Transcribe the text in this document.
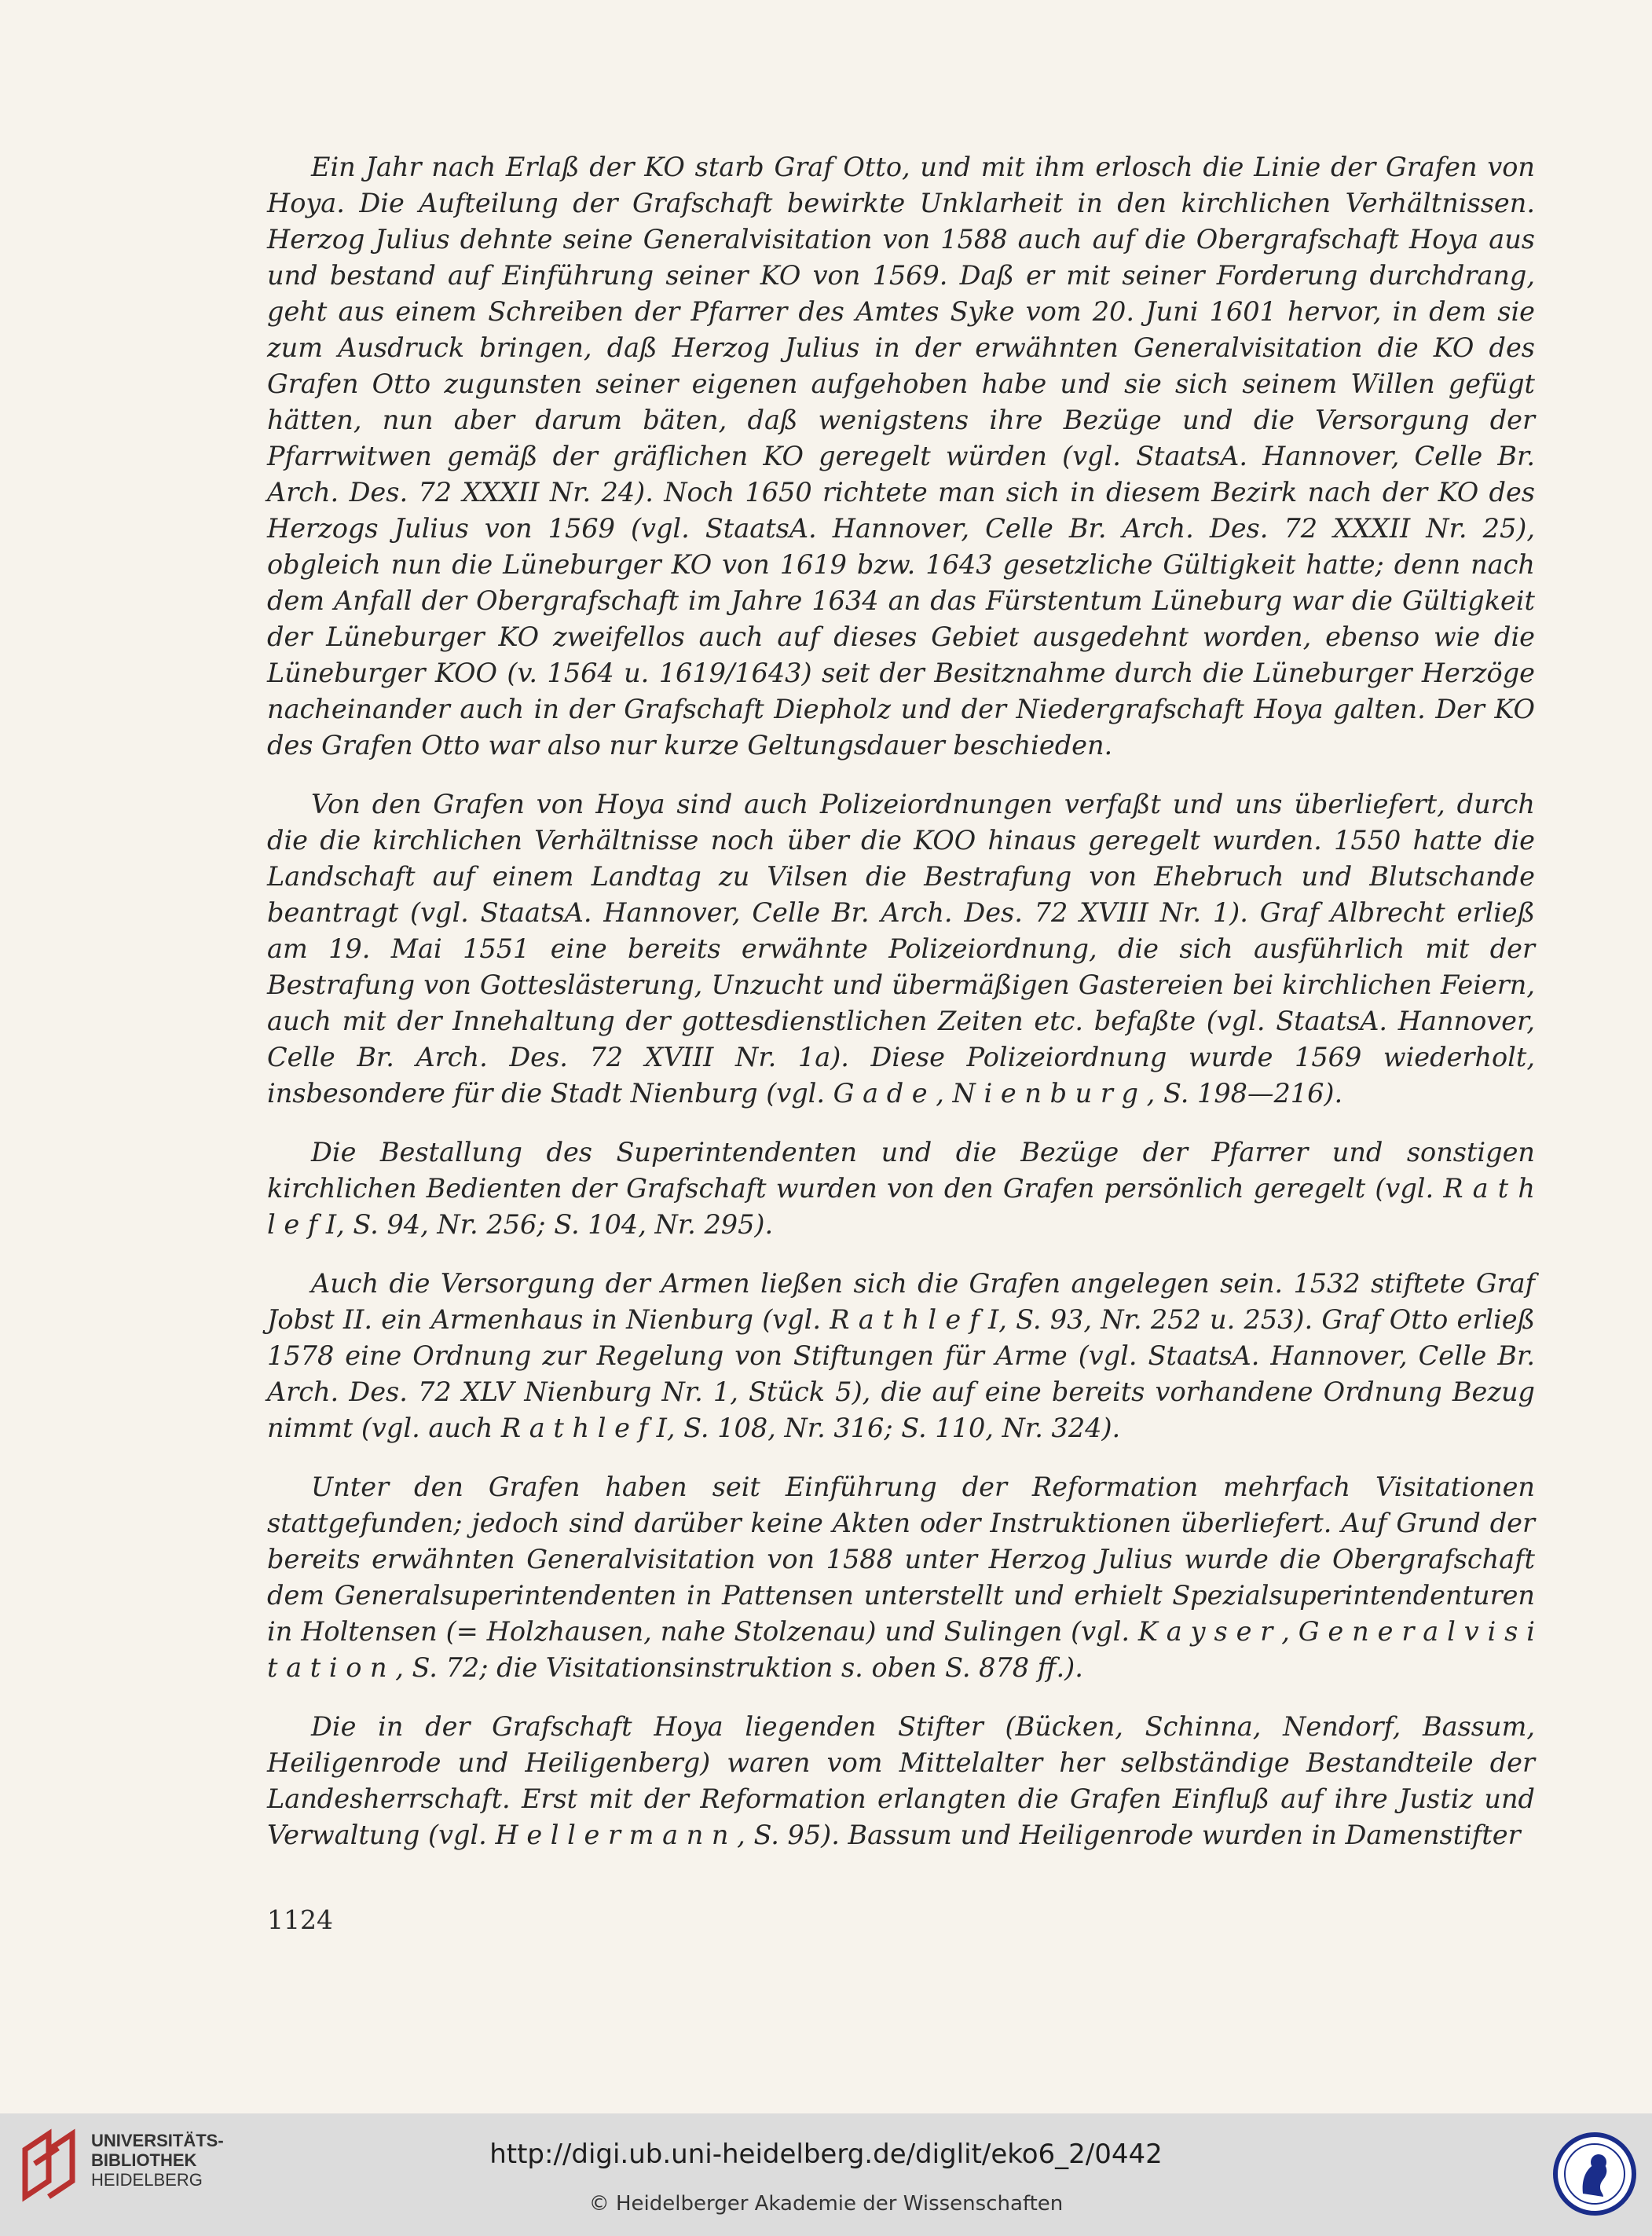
Ein Jahr nach Erlaß der KO starb Graf Otto, und mit ihm erlosch die Linie der Grafen von Hoya. Die Aufteilung der Grafschaft bewirkte Unklarheit in den kirchlichen Verhältnissen. Herzog Julius dehnte seine Generalvisitation von 1588 auch auf die Obergrafschaft Hoya aus und bestand auf Einführung seiner KO von 1569. Daß er mit seiner Forderung durchdrang, geht aus einem Schreiben der Pfarrer des Amtes Syke vom 20. Juni 1601 hervor, in dem sie zum Ausdruck bringen, daß Herzog Julius in der erwähnten Generalvisitation die KO des Grafen Otto zugunsten seiner eigenen aufgehoben habe und sie sich seinem Willen gefügt hätten, nun aber darum bäten, daß wenigstens ihre Bezüge und die Versorgung der Pfarrwitwen gemäß der gräflichen KO geregelt würden (vgl. StaatsA. Hannover, Celle Br. Arch. Des. 72 XXXII Nr. 24). Noch 1650 richtete man sich in diesem Bezirk nach der KO des Herzogs Julius von 1569 (vgl. StaatsA. Hannover, Celle Br. Arch. Des. 72 XXXII Nr. 25), obgleich nun die Lüneburger KO von 1619 bzw. 1643 gesetzliche Gültigkeit hatte; denn nach dem Anfall der Obergrafschaft im Jahre 1634 an das Fürstentum Lüneburg war die Gültigkeit der Lüneburger KO zweifellos auch auf dieses Gebiet ausgedehnt worden, ebenso wie die Lüneburger KOO (v. 1564 u. 1619/1643) seit der Besitznahme durch die Lüneburger Herzöge nacheinander auch in der Grafschaft Diepholz und der Niedergrafschaft Hoya galten. Der KO des Grafen Otto war also nur kurze Geltungsdauer beschieden.

Von den Grafen von Hoya sind auch Polizeiordnungen verfaßt und uns überliefert, durch die die kirchlichen Verhältnisse noch über die KOO hinaus geregelt wurden. 1550 hatte die Landschaft auf einem Landtag zu Vilsen die Bestrafung von Ehebruch und Blutschande beantragt (vgl. StaatsA. Hannover, Celle Br. Arch. Des. 72 XVIII Nr. 1). Graf Albrecht erließ am 19. Mai 1551 eine bereits erwähnte Polizeiordnung, die sich ausführlich mit der Bestrafung von Gotteslästerung, Unzucht und übermäßigen Gastereien bei kirchlichen Feiern, auch mit der Innehaltung der gottesdienstlichen Zeiten etc. befaßte (vgl. StaatsA. Hannover, Celle Br. Arch. Des. 72 XVIII Nr. 1a). Diese Polizeiordnung wurde 1569 wiederholt, insbesondere für die Stadt Nienburg (vgl. G a d e , N i e n b u r g , S. 198—216).

Die Bestallung des Superintendenten und die Bezüge der Pfarrer und sonstigen kirchlichen Bedienten der Grafschaft wurden von den Grafen persönlich geregelt (vgl. R a t h l e f I, S. 94, Nr. 256; S. 104, Nr. 295).

Auch die Versorgung der Armen ließen sich die Grafen angelegen sein. 1532 stiftete Graf Jobst II. ein Armenhaus in Nienburg (vgl. R a t h l e f I, S. 93, Nr. 252 u. 253). Graf Otto erließ 1578 eine Ordnung zur Regelung von Stiftungen für Arme (vgl. StaatsA. Hannover, Celle Br. Arch. Des. 72 XLV Nienburg Nr. 1, Stück 5), die auf eine bereits vorhandene Ordnung Bezug nimmt (vgl. auch R a t h l e f I, S. 108, Nr. 316; S. 110, Nr. 324).

Unter den Grafen haben seit Einführung der Reformation mehrfach Visitationen stattgefunden; jedoch sind darüber keine Akten oder Instruktionen überliefert. Auf Grund der bereits erwähnten Generalvisitation von 1588 unter Herzog Julius wurde die Obergrafschaft dem Generalsuperintendenten in Pattensen unterstellt und erhielt Spezialsuperintendenturen in Holtensen (= Holzhausen, nahe Stolzenau) und Sulingen (vgl. K a y s e r , G e n e r a l v i s i t a t i o n , S. 72; die Visitationsinstruktion s. oben S. 878 ff.).

Die in der Grafschaft Hoya liegenden Stifter (Bücken, Schinna, Nendorf, Bassum, Heiligenrode und Heiligenberg) waren vom Mittelalter her selbständige Bestandteile der Landesherrschaft. Erst mit der Reformation erlangten die Grafen Einfluß auf ihre Justiz und Verwaltung (vgl. H e l l e r m a n n , S. 95). Bassum und Heiligenrode wurden in Damenstifter

1124
UNIVERSITÄTS-
BIBLIOTHEK
HEIDELBERG
http://digi.ub.uni-heidelberg.de/diglit/eko6_2/0442
© Heidelberger Akademie der Wissenschaften
